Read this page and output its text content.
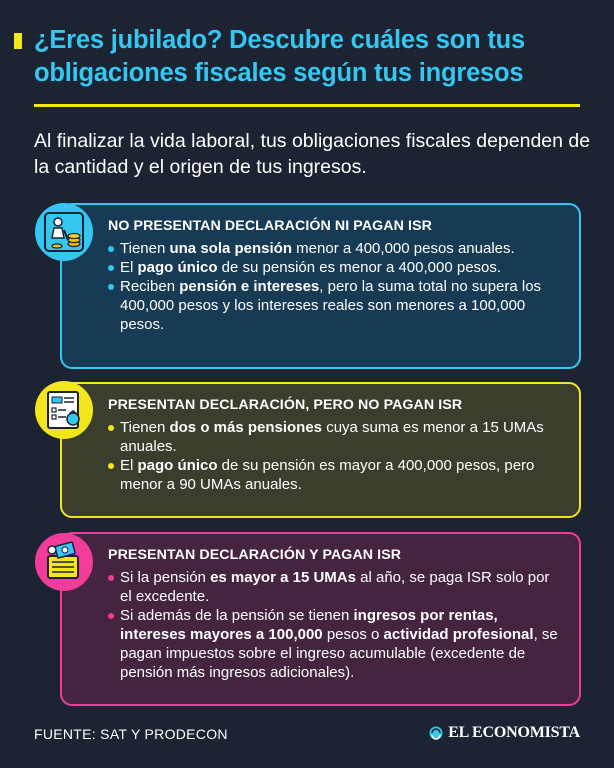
¿Eres jubilado? Descubre cuáles son tus obligaciones fiscales según tus ingresos

Al finalizar la vida laboral, tus obligaciones fiscales dependen de la cantidad y el origen de tus ingresos.

NO PRESENTAN DECLARACIÓN NI PAGAN ISR
Tienen una sola pensión menor a 400,000 pesos anuales.
El pago único de su pensión es menor a 400,000 pesos.
Reciben pensión e intereses, pero la suma total no supera los 400,000 pesos y los intereses reales son menores a 100,000 pesos.
PRESENTAN DECLARACIÓN, PERO NO PAGAN ISR
Tienen dos o más pensiones cuya suma es menor a 15 UMAs anuales.
El pago único de su pensión es mayor a 400,000 pesos, pero menor a 90 UMAs anuales.
PRESENTAN DECLARACIÓN Y PAGAN ISR
Si la pensión es mayor a 15 UMAs al año, se paga ISR solo por el excedente.
Si además de la pensión se tienen ingresos por rentas, intereses mayores a 100,000 pesos o actividad profesional, se pagan impuestos sobre el ingreso acumulable (excedente de pensión más ingresos adicionales).
FUENTE: SAT Y PRODECON	EL ECONOMISTA
